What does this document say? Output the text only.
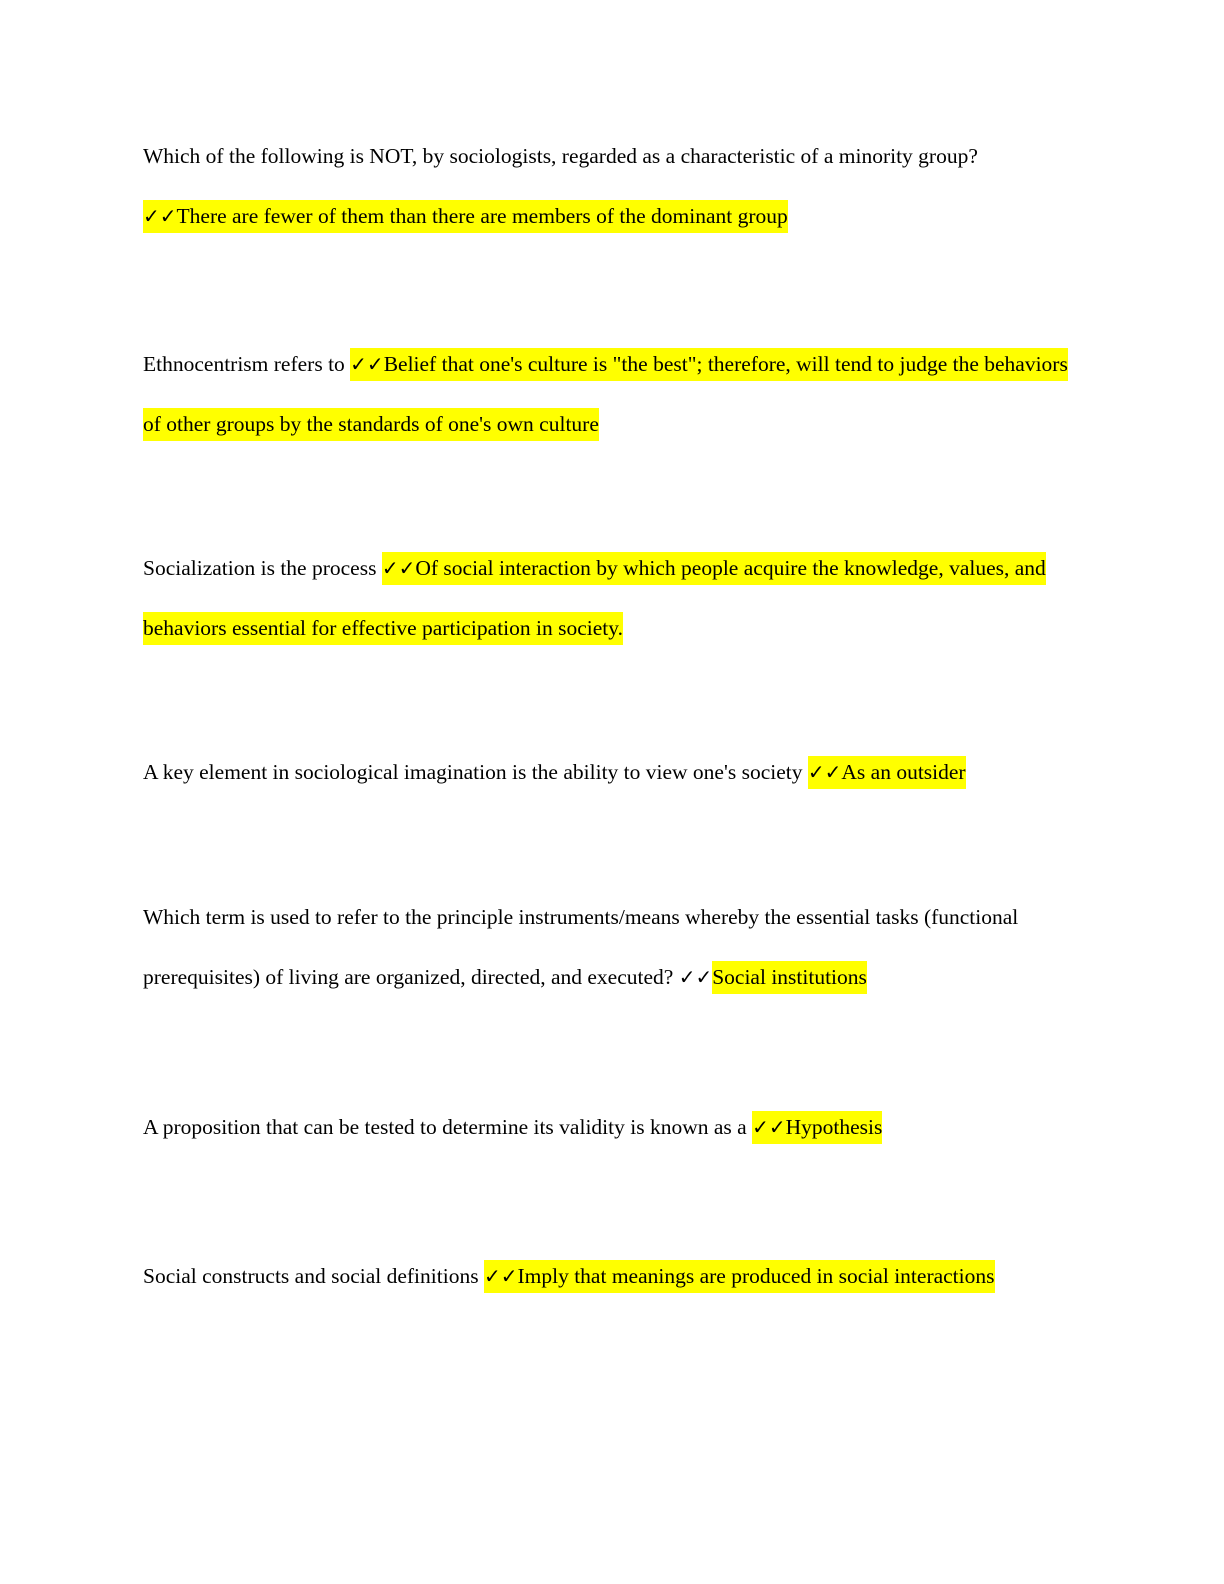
Which of the following is NOT, by sociologists, regarded as a characteristic of a minority group?
✓✓There are fewer of them than there are members of the dominant group

Ethnocentrism refers to ✓✓Belief that one's culture is "the best"; therefore, will tend to judge the behaviors of other groups by the standards of one's own culture

Socialization is the process ✓✓Of social interaction by which people acquire the knowledge, values, and behaviors essential for effective participation in society.

A key element in sociological imagination is the ability to view one's society ✓✓As an outsider

Which term is used to refer to the principle instruments/means whereby the essential tasks (functional prerequisites) of living are organized, directed, and executed? ✓✓Social institutions

A proposition that can be tested to determine its validity is known as a ✓✓Hypothesis

Social constructs and social definitions ✓✓Imply that meanings are produced in social interactions
